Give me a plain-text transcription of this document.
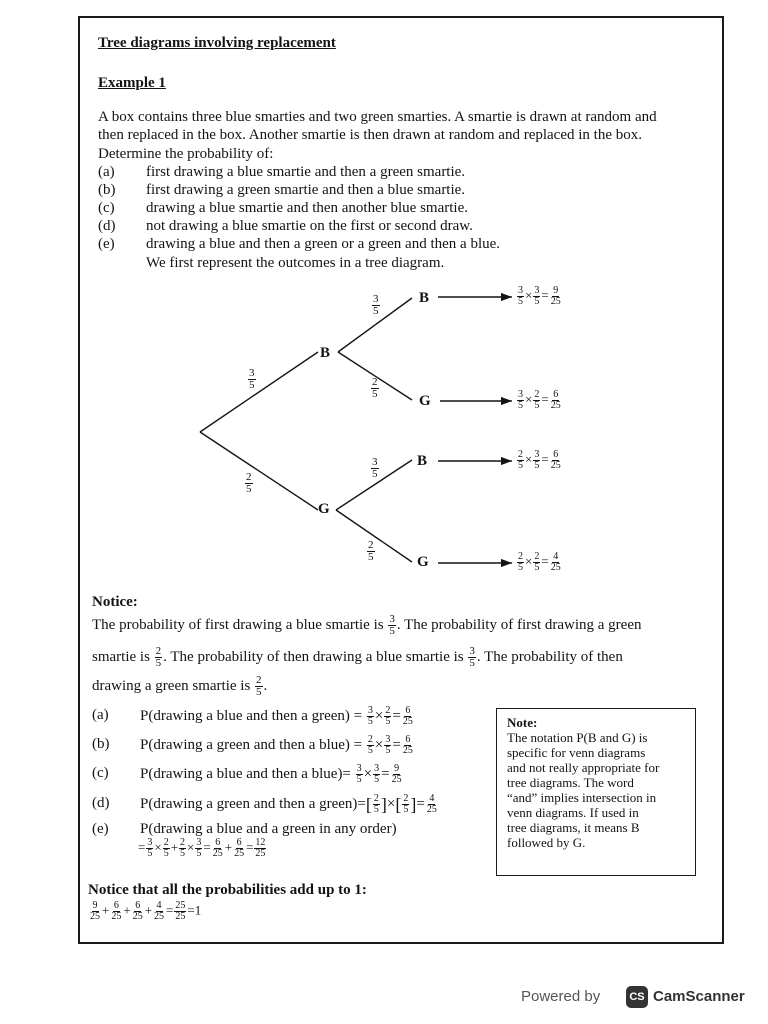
Tree diagrams involving replacement
Example 1
A box contains three blue smarties and two green smarties. A smartie is drawn at random and
then replaced in the box. Another smartie is then drawn at random and replaced in the box.
Determine the probability of:
(a)	first drawing a blue smartie and then a green smartie.
(b)	first drawing a green smartie and then a blue smartie.
(c)	drawing a blue smartie and then another blue smartie.
(d)	not drawing a blue smartie on the first or second draw.
(e)	drawing a blue and then a green or a green and then a blue.
We first represent the outcomes in a tree diagram.
B
G
B
G
B
G
$\frac{3}{5}$
$\frac{2}{5}$
$\frac{3}{5}$
$\frac{2}{5}$
$\frac{3}{5}$
$\frac{2}{5}$
$\frac{3}{5} \times \frac{3}{5} = \frac{9}{25}$
$\frac{3}{5} \times \frac{2}{5} = \frac{6}{25}$
$\frac{2}{5} \times \frac{3}{5} = \frac{6}{25}$
$\frac{2}{5} \times \frac{2}{5} = \frac{4}{25}$
Notice:
The probability of first drawing a blue smartie is $\frac{3}{5}$ . The probability of first drawing a green
smartie is $\frac{2}{5}$ . The probability of then drawing a blue smartie is $\frac{3}{5}$ . The probability of then
drawing a green smartie is $\frac{2}{5}$ .
(a)	P(drawing a blue and then a green) = $\frac{3}{5} \times \frac{2}{5} = \frac{6}{25}$
(b)	P(drawing a green and then a blue) = $\frac{2}{5} \times \frac{3}{5} = \frac{6}{25}$
(c)	P(drawing a blue and then a blue)= $\frac{3}{5} \times \frac{3}{5} = \frac{9}{25}$
(d)	P(drawing a green and then a green)=[ $\frac{2}{5}$ ]×[ $\frac{2}{5}$ ]= $\frac{4}{25}$
(e)	P(drawing a blue and a green in any order)
= $\frac{3}{5} \times \frac{2}{5} + \frac{2}{5} \times \frac{3}{5} = \frac{6}{25} + \frac{6}{25} = \frac{12}{25}$
Note:
The notation P(B and G) is
specific for venn diagrams
and not really appropriate for
tree diagrams. The word
“and” implies intersection in
venn diagrams. If used in
tree diagrams, it means B
followed by G.
Notice that all the probabilities add up to 1:
$\frac{9}{25} + \frac{6}{25} + \frac{6}{25} + \frac{4}{25} = \frac{25}{25} =1$
Powered by	CS CamScanner
